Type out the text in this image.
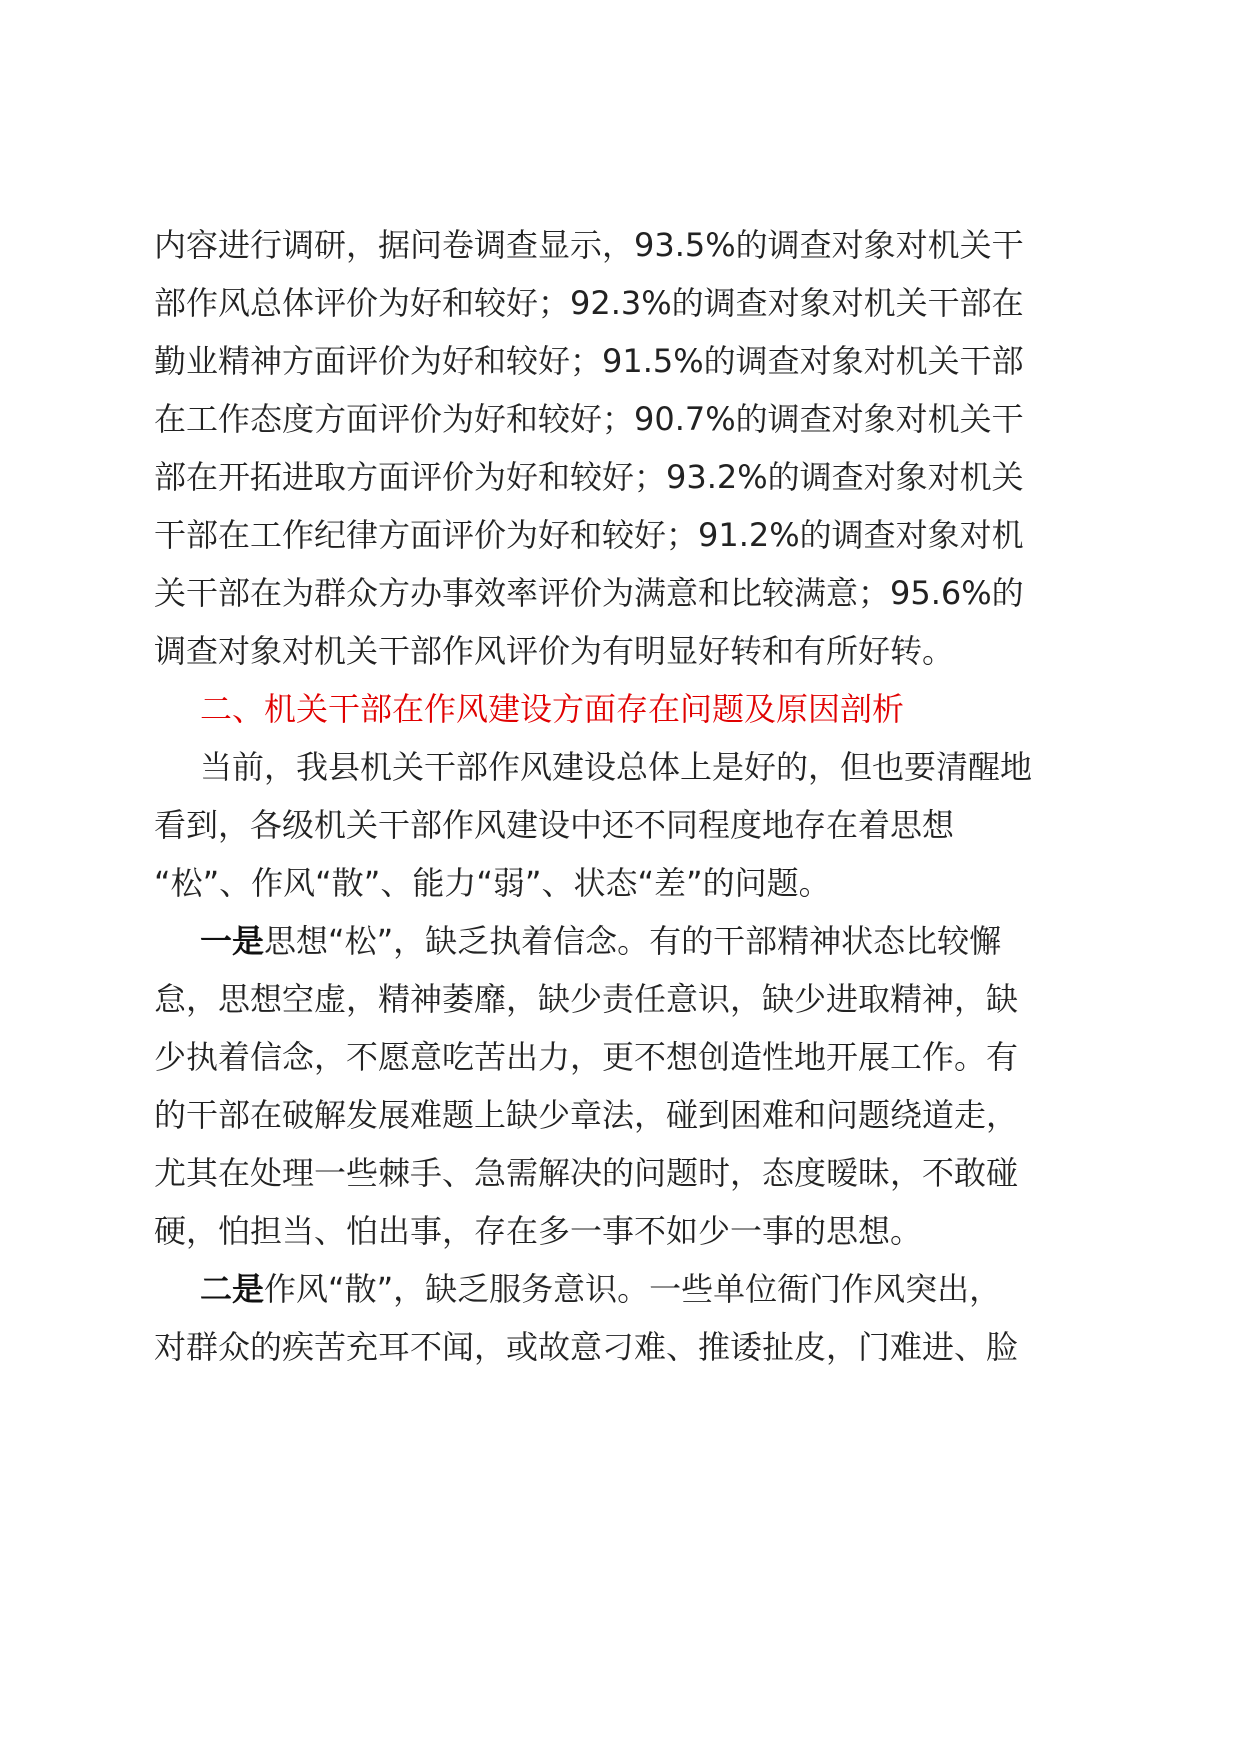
内容进行调研，据问卷调查显示，93.5%的调查对象对机关干
部作风总体评价为好和较好；92.3%的调查对象对机关干部在
勤业精神方面评价为好和较好；91.5%的调查对象对机关干部
在工作态度方面评价为好和较好；90.7%的调查对象对机关干
部在开拓进取方面评价为好和较好；93.2%的调查对象对机关
干部在工作纪律方面评价为好和较好；91.2%的调查对象对机
关干部在为群众方办事效率评价为满意和比较满意；95.6%的
调查对象对机关干部作风评价为有明显好转和有所好转。
二、机关干部在作风建设方面存在问题及原因剖析
当前，我县机关干部作风建设总体上是好的，但也要清醒地
看到，各级机关干部作风建设中还不同程度地存在着思想
“松”、作风“散”、能力“弱”、状态“差”的问题。
一是思想“松”，缺乏执着信念。有的干部精神状态比较懈
怠，思想空虚，精神萎靡，缺少责任意识，缺少进取精神，缺
少执着信念，不愿意吃苦出力，更不想创造性地开展工作。有
的干部在破解发展难题上缺少章法，碰到困难和问题绕道走，
尤其在处理一些棘手、急需解决的问题时，态度暧昧，不敢碰
硬，怕担当、怕出事，存在多一事不如少一事的思想。
二是作风“散”，缺乏服务意识。一些单位衙门作风突出，
对群众的疾苦充耳不闻，或故意刁难、推诿扯皮，门难进、脸
